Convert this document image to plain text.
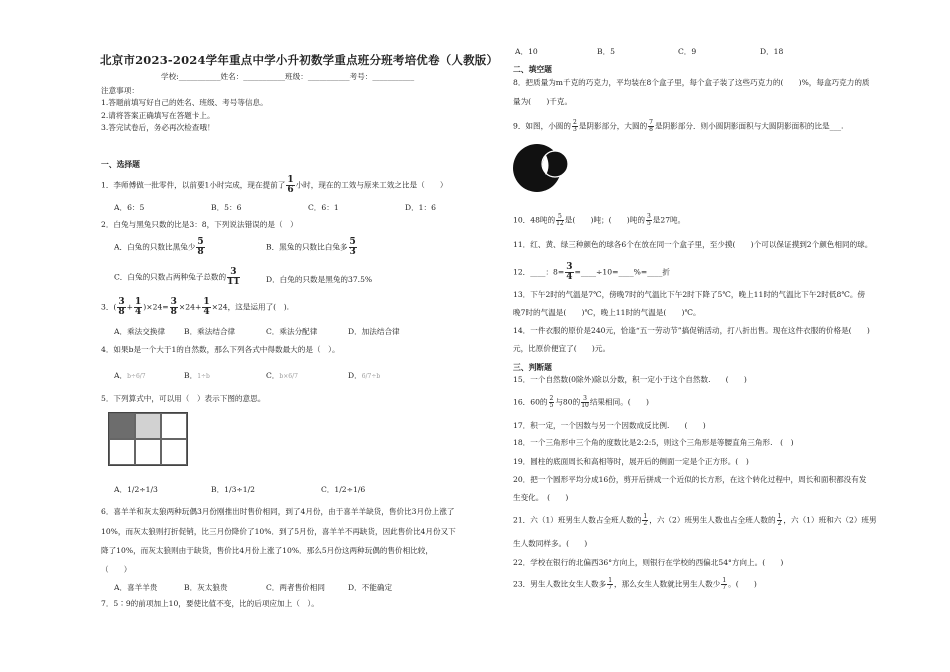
北京市2023-2024学年重点中学小升初数学重点班分班考培优卷（人教版）
学校:___________姓名：___________班级：___________考号：___________
注意事项：
1.答题前填写好自己的姓名、班级、考号等信息。
2.请将答案正确填写在答题卡上。
3.答完试卷后，务必再次检查哦！
一、选择题
1．李师傅做一批零件，以前要1小时完成，现在提前了 $\frac{1}{6}$ 小时，现在的工效与原来工效之比是（　　）
A．6：5	B．5：6	C．6：1	D．1：6
2．白兔与黑兔只数的比是3：8，下列说法错误的是（　）
A．白兔的只数比黑兔少 $\frac{5}{8}$	B．黑兔的只数比白兔多 $\frac{5}{3}$
C．白兔的只数占两种兔子总数的 $\frac{3}{11}$	D．白兔的只数是黑兔的37.5%
3．( $\frac{3}{8} + \frac{1}{4} )\times 24= \frac{3}{8} \times 24+ \frac{1}{4} \times 24$，这是运用了(　).
A．乘法交换律 B．乘法结合律	C．乘法分配律	D．加法结合律
4．如果b是一个大于1的自然数，那么下列各式中得数最大的是（　）。
A．b÷6/7	B．1÷b	C．b×6/7	D．6/7÷b
5．下列算式中，可以用（　）表示下图的意思。
A．1/2÷1/3	B．1/3÷1/2	C．1/2÷1/6
6．喜羊羊和灰太狼两种玩偶3月份刚推出时售价相同，到了4月份，由于喜羊羊缺货，售价比3月份上涨了
10%，而灰太狼则打折促销，比三月份降价了10%．到了5月份，喜羊羊不再缺货，因此售价比4月份又下
降了10%，而灰太狼则由于缺货，售价比4月份上涨了10%．那么5月份这两种玩偶的售价相比较，
（　　）
A．喜羊羊贵	B．灰太狼贵	C．两者售价相同	D．不能确定
7．5∶9的前项加上10，要使比值不变，比的后项应加上（　）。
A．10	B．5	C．9	D．18
二、填空题
8．把质量为m千克的巧克力，平均装在8个盒子里，每个盒子装了这些巧克力的(　　)%，每盒巧克力的质
量为(　　)千克。
9．如图，小圆的 $\frac{2}{3}$ 是阴影部分，大圆的 $\frac{7}{8}$ 是阴影部分．则小圆阴影面积与大圆阴影面积的比是___.
10．48吨的 $\frac{5}{12}$ 是(　　)吨；(　　)吨的 $\frac{3}{5}$ 是27吨。
11．红、黄、绿三种颜色的球各6个在放在同一个盒子里，至少摸(　　)个可以保证摸到2个颜色相同的球。
12．____：$8= \frac{3}{4}$ =____÷10=____%=____折
13．下午2时的气温是7℃，傍晚7时的气温比下午2时下降了5℃，晚上11时的气温比下午2时低8℃。傍
晚7时的气温是(　　)℃，晚上11时的气温是(　　)℃。
14．一件衣服的原价是240元，恰逢“五一劳动节”搞促销活动，打八折出售。现在这件衣服的价格是(　　)
元，比原价便宜了(　　)元。
三、判断题
15．一个自然数(0除外)除以分数，积一定小于这个自然数.　　(　　)
16．60的 $\frac{2}{5}$ 与80的 $\frac{3}{10}$ 结果相同。(　　)
17．积一定，一个因数与另一个因数成反比例.　　(　　)
18．一个三角形中三个角的度数比是2:2:5，则这个三角形是等腰直角三角形.　(　)
19．圆柱的底面周长和高相等时，展开后的侧面一定是个正方形。(　)
20．把一个圆形平均分成16份，剪开后拼成一个近似的长方形，在这个转化过程中，周长和面积都没有发
生变化。　(　　)
21．六（1）班男生人数占全班人数的 $\frac{1}{2}$ ，六（2）班男生人数也占全班人数的 $\frac{1}{2}$ ，六（1）班和六（2）班男
生人数同样多。(　　)
22．学校在银行的北偏西36°方向上，则银行在学校的西偏北54°方向上。(　　)
23．男生人数比女生人数多 $\frac{1}{7}$ ，那么女生人数就比男生人数少 $\frac{1}{7}$ 。(　　)
